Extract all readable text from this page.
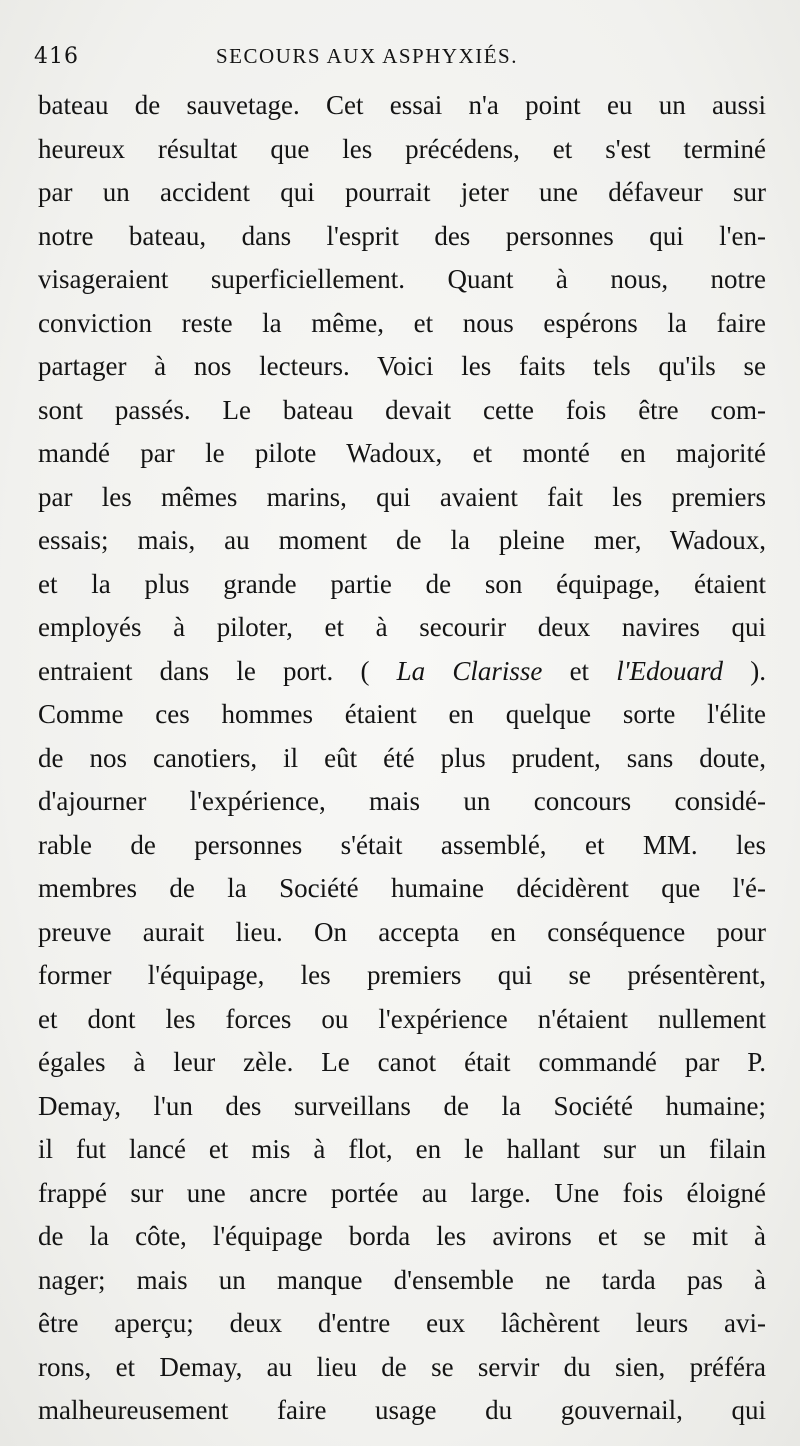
416	SECOURS AUX ASPHYXIÉS.
bateau de sauvetage. Cet essai n'a point eu un aussi
heureux résultat que les précédens, et s'est terminé
par un accident qui pourrait jeter une défaveur sur
notre bateau, dans l'esprit des personnes qui l'en-
visageraient superficiellement. Quant à nous, notre
conviction reste la même, et nous espérons la faire
partager à nos lecteurs. Voici les faits tels qu'ils se
sont passés. Le bateau devait cette fois être com-
mandé par le pilote Wadoux, et monté en majorité
par les mêmes marins, qui avaient fait les premiers
essais; mais, au moment de la pleine mer, Wadoux,
et la plus grande partie de son équipage, étaient
employés à piloter, et à secourir deux navires qui
entraient dans le port. ( La Clarisse et l'Edouard ).
Comme ces hommes étaient en quelque sorte l'élite
de nos canotiers, il eût été plus prudent, sans doute,
d'ajourner l'expérience, mais un concours considé-
rable de personnes s'était assemblé, et MM. les
membres de la Société humaine décidèrent que l'é-
preuve aurait lieu. On accepta en conséquence pour
former l'équipage, les premiers qui se présentèrent,
et dont les forces ou l'expérience n'étaient nullement
égales à leur zèle. Le canot était commandé par P.
Demay, l'un des surveillans de la Société humaine;
il fut lancé et mis à flot, en le hallant sur un filain
frappé sur une ancre portée au large. Une fois éloigné
de la côte, l'équipage borda les avirons et se mit à
nager; mais un manque d'ensemble ne tarda pas à
être aperçu; deux d'entre eux lâchèrent leurs avi-
rons, et Demay, au lieu de se servir du sien, préféra
malheureusement faire usage du gouvernail, qui
